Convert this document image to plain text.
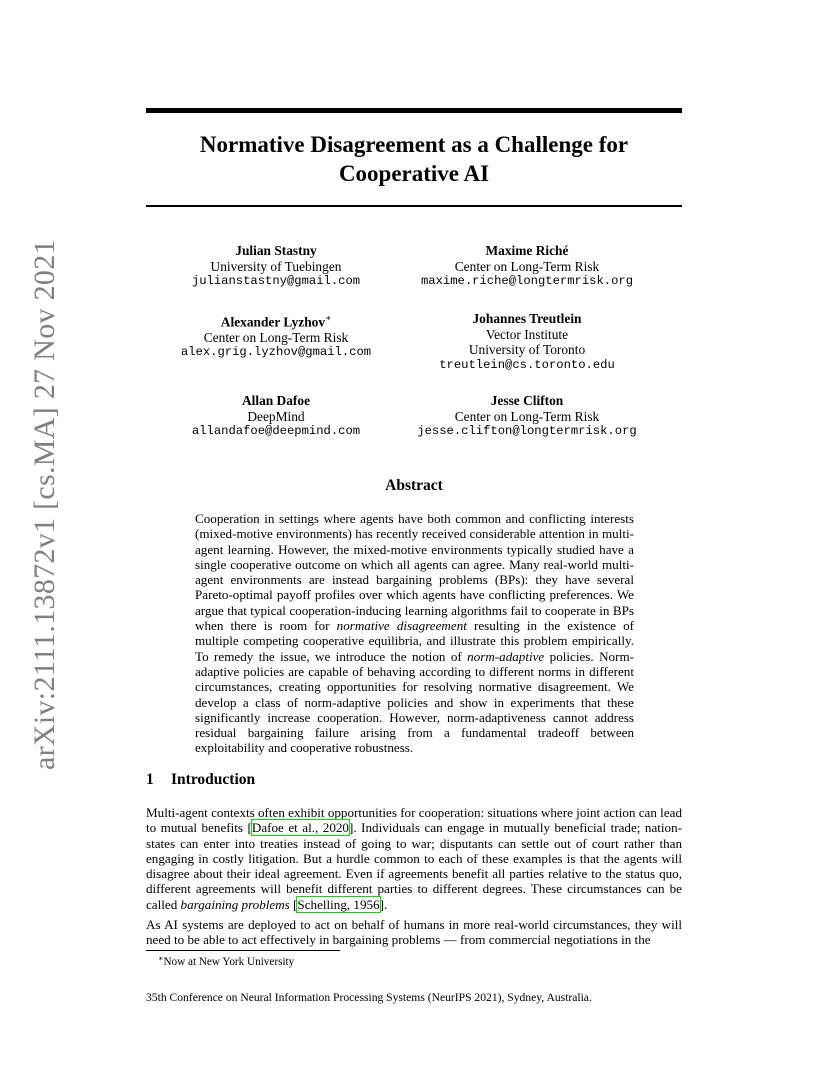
arXiv:2111.13872v1 [cs.MA] 27 Nov 2021
Normative Disagreement as a Challenge for
Cooperative AI
Julian Stastny
University of Tuebingen
julianstastny@gmail.com
Maxime Riché
Center on Long-Term Risk
maxime.riche@longtermrisk.org
Alexander Lyzhov∗
Center on Long-Term Risk
alex.grig.lyzhov@gmail.com
Johannes Treutlein
Vector Institute
University of Toronto
treutlein@cs.toronto.edu
Allan Dafoe
DeepMind
allandafoe@deepmind.com
Jesse Clifton
Center on Long-Term Risk
jesse.clifton@longtermrisk.org
Abstract
Cooperation in settings where agents have both common and conflicting interests (mixed-motive environments) has recently received considerable attention in multi-agent learning. However, the mixed-motive environments typically studied have a single cooperative outcome on which all agents can agree. Many real-world multi-agent environments are instead bargaining problems (BPs): they have several Pareto-optimal payoff profiles over which agents have conflicting preferences. We argue that typical cooperation-inducing learning algorithms fail to cooperate in BPs when there is room for normative disagreement resulting in the existence of multiple competing cooperative equilibria, and illustrate this problem empirically. To remedy the issue, we introduce the notion of norm-adaptive policies. Norm-adaptive policies are capable of behaving according to different norms in different circumstances, creating opportunities for resolving normative disagreement. We develop a class of norm-adaptive policies and show in experiments that these significantly increase cooperation. However, norm-adaptiveness cannot address residual bargaining failure arising from a fundamental tradeoff between exploitability and cooperative robustness.
1 Introduction
Multi-agent contexts often exhibit opportunities for cooperation: situations where joint action can lead to mutual benefits [Dafoe et al., 2020]. Individuals can engage in mutually beneficial trade; nation-states can enter into treaties instead of going to war; disputants can settle out of court rather than engaging in costly litigation. But a hurdle common to each of these examples is that the agents will disagree about their ideal agreement. Even if agreements benefit all parties relative to the status quo, different agreements will benefit different parties to different degrees. These circumstances can be called bargaining problems [Schelling, 1956].
As AI systems are deployed to act on behalf of humans in more real-world circumstances, they will need to be able to act effectively in bargaining problems — from commercial negotiations in the
∗Now at New York University
35th Conference on Neural Information Processing Systems (NeurIPS 2021), Sydney, Australia.
